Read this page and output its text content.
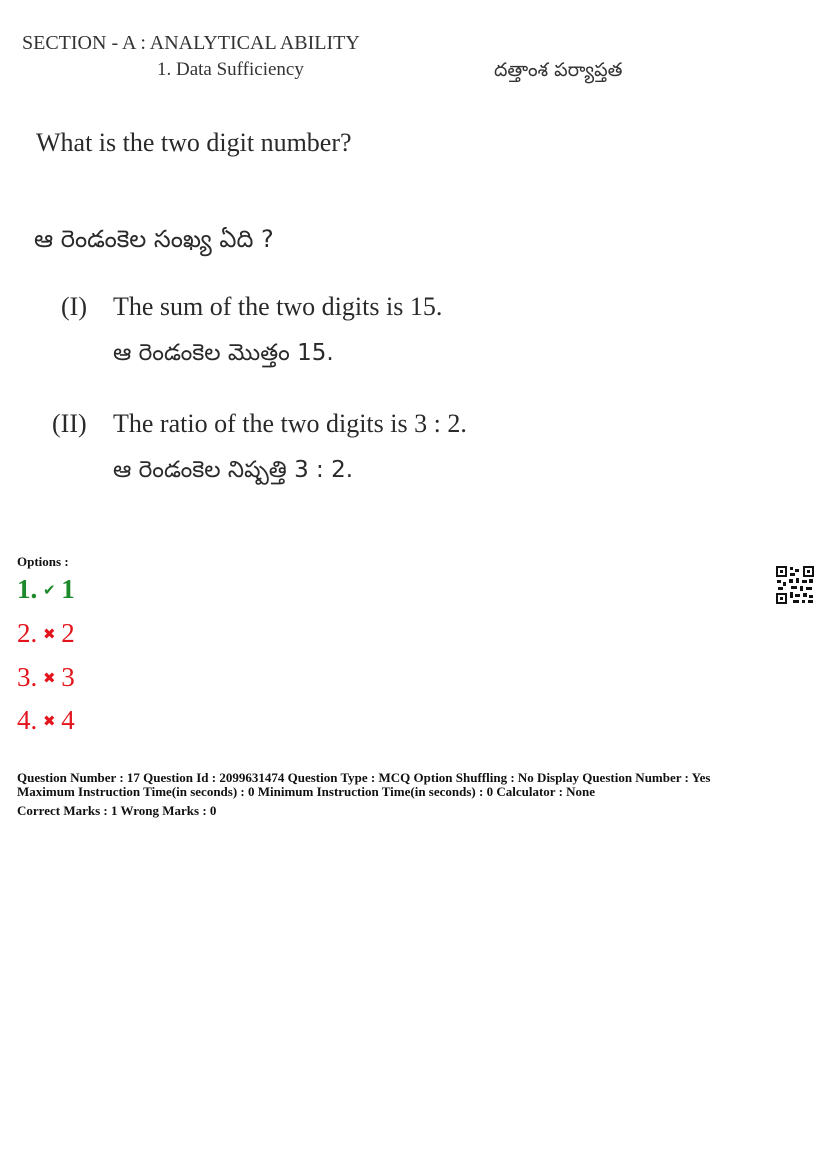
SECTION - A : ANALYTICAL ABILITY
1. Data Sufficiency	దత్తాంశ పర్యాప్తత
What is the two digit number?
ఆ రెండంకెల సంఖ్య ఏది ?
(I) The sum of the two digits is 15.
ఆ రెండంకెల మొత్తం 15.
(II) The ratio of the two digits is 3 : 2.
ఆ రెండంకెల నిష్పత్తి 3 : 2.
Options :
1. ✔ 1
2. ✖ 2
3. ✖ 3
4. ✖ 4
Question Number : 17 Question Id : 2099631474 Question Type : MCQ Option Shuffling : No Display Question Number : Yes
Maximum Instruction Time(in seconds) : 0 Minimum Instruction Time(in seconds) : 0 Calculator : None
Correct Marks : 1 Wrong Marks : 0
